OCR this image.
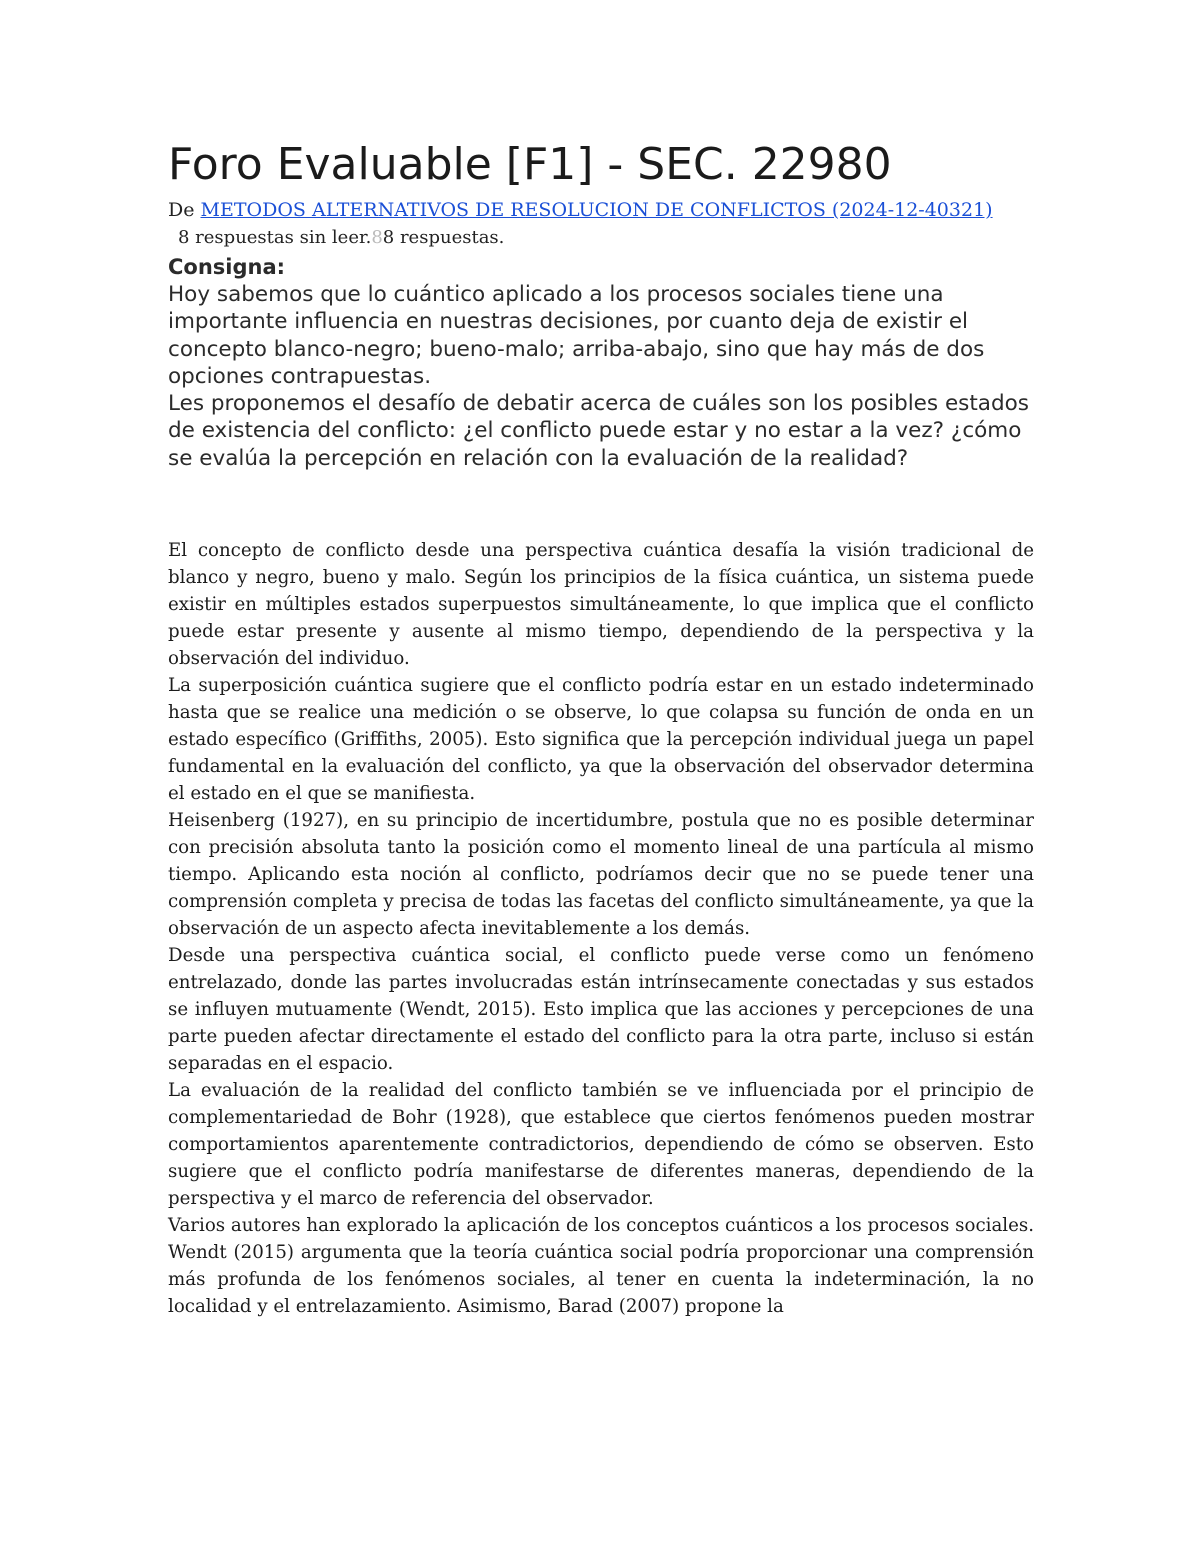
Foro Evaluable [F1] - SEC. 22980
De METODOS ALTERNATIVOS DE RESOLUCION DE CONFLICTOS (2024-12-40321)
8 respuestas sin leer.88 respuestas.
Consigna:

Hoy sabemos que lo cuántico aplicado a los procesos sociales tiene una importante influencia en nuestras decisiones, por cuanto deja de existir el concepto blanco-negro; bueno-malo; arriba-abajo, sino que hay más de dos opciones contrapuestas.

Les proponemos el desafío de debatir acerca de cuáles son los posibles estados de existencia del conflicto: ¿el conflicto puede estar y no estar a la vez? ¿cómo se evalúa la percepción en relación con la evaluación de la realidad?

El concepto de conflicto desde una perspectiva cuántica desafía la visión tradicional de blanco y negro, bueno y malo. Según los principios de la física cuántica, un sistema puede existir en múltiples estados superpuestos simultáneamente, lo que implica que el conflicto puede estar presente y ausente al mismo tiempo, dependiendo de la perspectiva y la observación del individuo.

La superposición cuántica sugiere que el conflicto podría estar en un estado indeterminado hasta que se realice una medición o se observe, lo que colapsa su función de onda en un estado específico (Griffiths, 2005). Esto significa que la percepción individual juega un papel fundamental en la evaluación del conflicto, ya que la observación del observador determina el estado en el que se manifiesta.

Heisenberg (1927), en su principio de incertidumbre, postula que no es posible determinar con precisión absoluta tanto la posición como el momento lineal de una partícula al mismo tiempo. Aplicando esta noción al conflicto, podríamos decir que no se puede tener una comprensión completa y precisa de todas las facetas del conflicto simultáneamente, ya que la observación de un aspecto afecta inevitablemente a los demás.

Desde una perspectiva cuántica social, el conflicto puede verse como un fenómeno entrelazado, donde las partes involucradas están intrínsecamente conectadas y sus estados se influyen mutuamente (Wendt, 2015). Esto implica que las acciones y percepciones de una parte pueden afectar directamente el estado del conflicto para la otra parte, incluso si están separadas en el espacio.

La evaluación de la realidad del conflicto también se ve influenciada por el principio de complementariedad de Bohr (1928), que establece que ciertos fenómenos pueden mostrar comportamientos aparentemente contradictorios, dependiendo de cómo se observen. Esto sugiere que el conflicto podría manifestarse de diferentes maneras, dependiendo de la perspectiva y el marco de referencia del observador.

Varios autores han explorado la aplicación de los conceptos cuánticos a los procesos sociales. Wendt (2015) argumenta que la teoría cuántica social podría proporcionar una comprensión más profunda de los fenómenos sociales, al tener en cuenta la indeterminación, la no localidad y el entrelazamiento. Asimismo, Barad (2007) propone la
